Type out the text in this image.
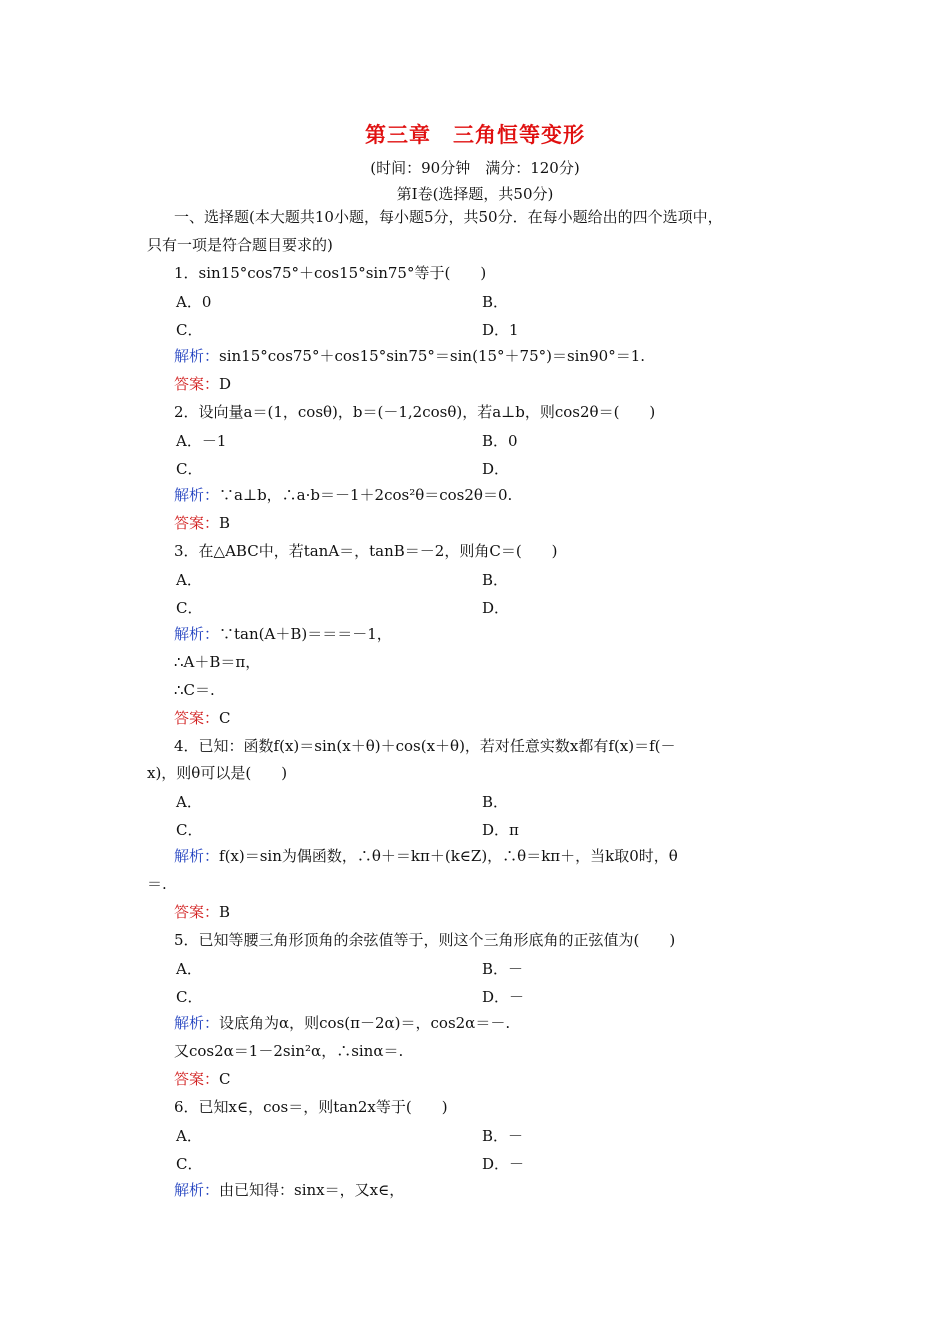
第三章　三角恒等变形
(时间：90分钟　满分：120分)
第Ⅰ卷(选择题，共50分)
一、选择题(本大题共10小题，每小题5分，共50分．在每小题给出的四个选项中，
只有一项是符合题目要求的)
1．sin15°cos75°＋cos15°sin75°等于(　　)
A．0	B．
C．	D．1
解析：sin15°cos75°＋cos15°sin75°＝sin(15°＋75°)＝sin90°＝1.
答案：D
2．设向量a＝(1，cosθ)，b＝(－1,2cosθ)，若a⊥b，则cos2θ＝(　　)
A．－1	B．0
C．	D．
解析：∵a⊥b，∴a·b＝－1＋2cos²θ＝cos2θ＝0.
答案：B
3．在△ABC中，若tanA＝，tanB＝－2，则角C＝(　　)
A．	B．
C．	D．
解析：∵tan(A＋B)＝＝＝－1，
∴A＋B＝π，
∴C＝.
答案：C
4．已知：函数f(x)＝sin(x＋θ)＋cos(x＋θ)，若对任意实数x都有f(x)＝f(－
x)，则θ可以是(　　)
A．	B．
C．	D．π
解析：f(x)＝sin为偶函数，∴θ＋＝kπ＋(k∈Z)，∴θ＝kπ＋，当k取0时，θ
＝.
答案：B
5．已知等腰三角形顶角的余弦值等于，则这个三角形底角的正弦值为(　　)
A．	B．－
C．	D．－
解析：设底角为α，则cos(π－2α)＝，cos2α＝－.
又cos2α＝1－2sin²α，∴sinα＝.
答案：C
6．已知x∈，cos＝，则tan2x等于(　　)
A．	B．－
C．	D．－
解析：由已知得：sinx＝，又x∈，
